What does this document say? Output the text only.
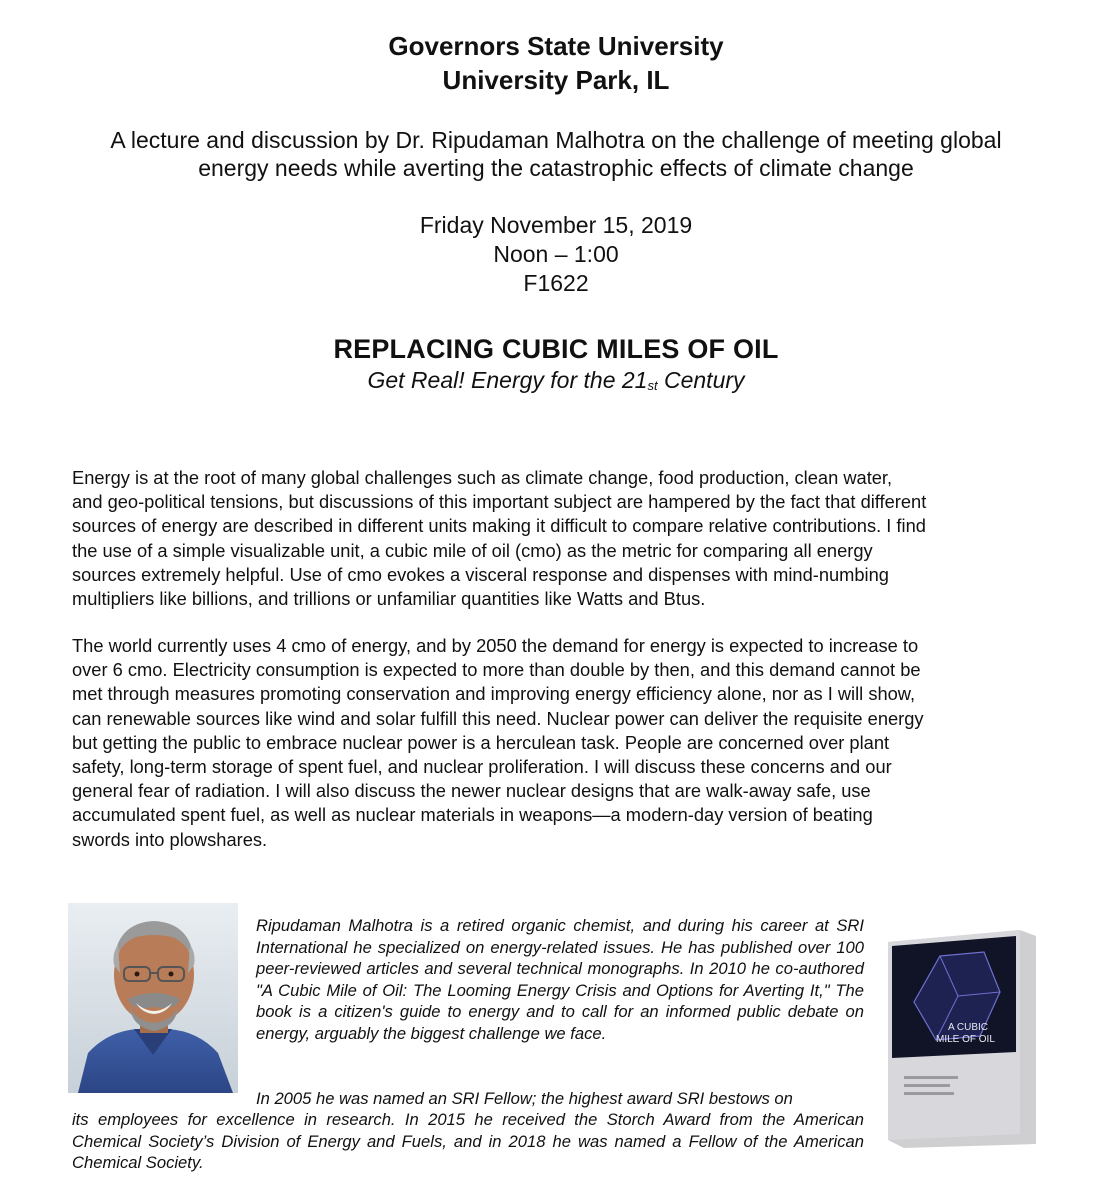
Governors State University
University Park, IL
A lecture and discussion by Dr. Ripudaman Malhotra on the challenge of meeting global
energy needs while averting the catastrophic effects of climate change
Friday November 15, 2019
Noon – 1:00
F1622
REPLACING CUBIC MILES OF OIL
Get Real! Energy for the $21_{st}$ Century
Energy is at the root of many global challenges such as climate change, food production, clean water,
and geo-political tensions, but discussions of this important subject are hampered by the fact that different
sources of energy are described in different units making it difficult to compare relative contributions. I find
the use of a simple visualizable unit, a cubic mile of oil (cmo) as the metric for comparing all energy
sources extremely helpful. Use of cmo evokes a visceral response and dispenses with mind-numbing
multipliers like billions, and trillions or unfamiliar quantities like Watts and Btus.
The world currently uses 4 cmo of energy, and by 2050 the demand for energy is expected to increase to
over 6 cmo. Electricity consumption is expected to more than double by then, and this demand cannot be
met through measures promoting conservation and improving energy efficiency alone, nor as I will show,
can renewable sources like wind and solar fulfill this need. Nuclear power can deliver the requisite energy
but getting the public to embrace nuclear power is a herculean task. People are concerned over plant
safety, long-term storage of spent fuel, and nuclear proliferation. I will discuss these concerns and our
general fear of radiation. I will also discuss the newer nuclear designs that are walk-away safe, use
accumulated spent fuel, as well as nuclear materials in weapons—a modern-day version of beating
swords into plowshares.
Ripudaman Malhotra is a retired organic chemist, and during his career at SRI International he specialized on energy-related issues. He has published over 100 peer-reviewed articles and several technical monographs. In 2010 he co-authored "A Cubic Mile of Oil: The Looming Energy Crisis and Options for Averting It," The book is a citizen's guide to energy and to call for an informed public debate on energy, arguably the biggest challenge we face.
In 2005 he was named an SRI Fellow; the highest award SRI bestows on
its employees for excellence in research. In 2015 he received the Storch Award from the American Chemical Society’s Division of Energy and Fuels, and in 2018 he was named a Fellow of the American Chemical Society.
A CUBIC
MILE OF OIL
